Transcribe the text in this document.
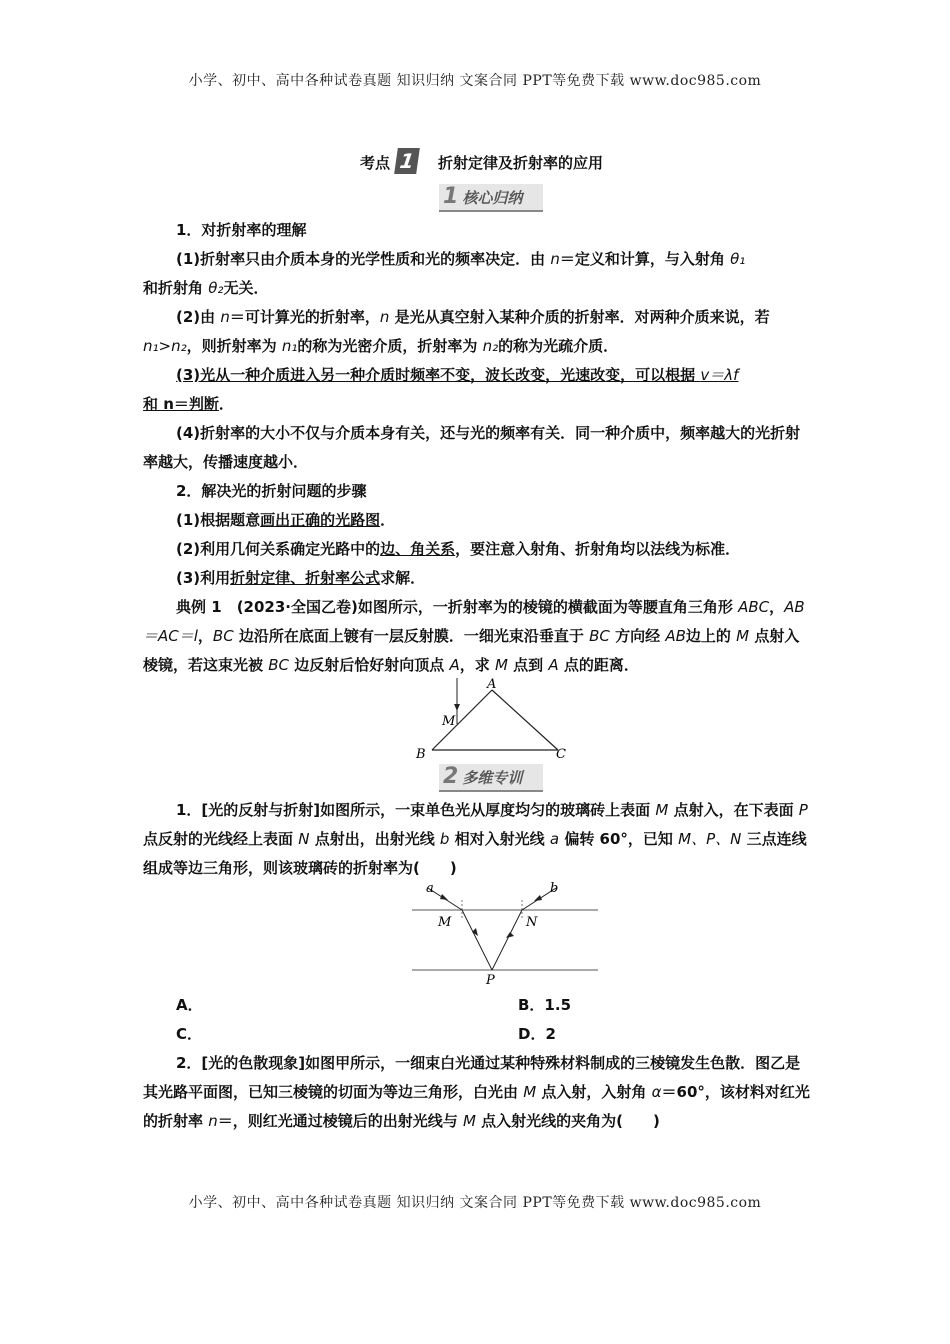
小学、初中、高中各种试卷真题 知识归纳 文案合同 PPT等免费下载 www.doc985.com
小学、初中、高中各种试卷真题 知识归纳 文案合同 PPT等免费下载 www.doc985.com
考点 1 折射定律及折射率的应用
1 核心归纳
1．对折射率的理解
(1)折射率只由介质本身的光学性质和光的频率决定．由 n＝定义和计算，与入射角 θ₁
和折射角 θ₂无关．
(2)由 n＝可计算光的折射率，n 是光从真空射入某种介质的折射率．对两种介质来说，若 n₁>n₂，则折射率为 n₁的称为光密介质，折射率为 n₂的称为光疏介质．
(3)光从一种介质进入另一种介质时频率不变，波长改变，光速改变，可以根据 v＝λf
和 n＝判断．
(4)折射率的大小不仅与介质本身有关，还与光的频率有关．同一种介质中，频率越大的光折射率越大，传播速度越小．
2．解决光的折射问题的步骤
(1)根据题意画出正确的光路图．
(2)利用几何关系确定光路中的边、角关系，要注意入射角、折射角均以法线为标准．
(3)利用折射定律、折射率公式求解．
典例 1　 (2023·全国乙卷)如图所示，一折射率为的棱镜的横截面为等腰直角三角形 ABC，AB＝AC＝l，BC 边沿所在底面上镀有一层反射膜．一细光束沿垂直于 BC 方向经 AB边上的 M 点射入棱镜，若这束光被 BC 边反射后恰好射向顶点 A，求 M 点到 A 点的距离．
A
B	C
M
2 多维专训
1．[光的反射与折射]如图所示，一束单色光从厚度均匀的玻璃砖上表面 M 点射入，在下表面 P 点反射的光线经上表面 N 点射出，出射光线 b 相对入射光线 a 偏转 60°，已知 M、P、N 三点连线组成等边三角形，则该玻璃砖的折射率为(　　)
a	b
M	N
P
A．	B．1.5
C．	D．2
2．[光的色散现象]如图甲所示，一细束白光通过某种特殊材料制成的三棱镜发生色散．图乙是其光路平面图，已知三棱镜的切面为等边三角形，白光由 M 点入射，入射角 α＝60°，该材料对红光的折射率 n＝，则红光通过棱镜后的出射光线与 M 点入射光线的夹角为(　　)
